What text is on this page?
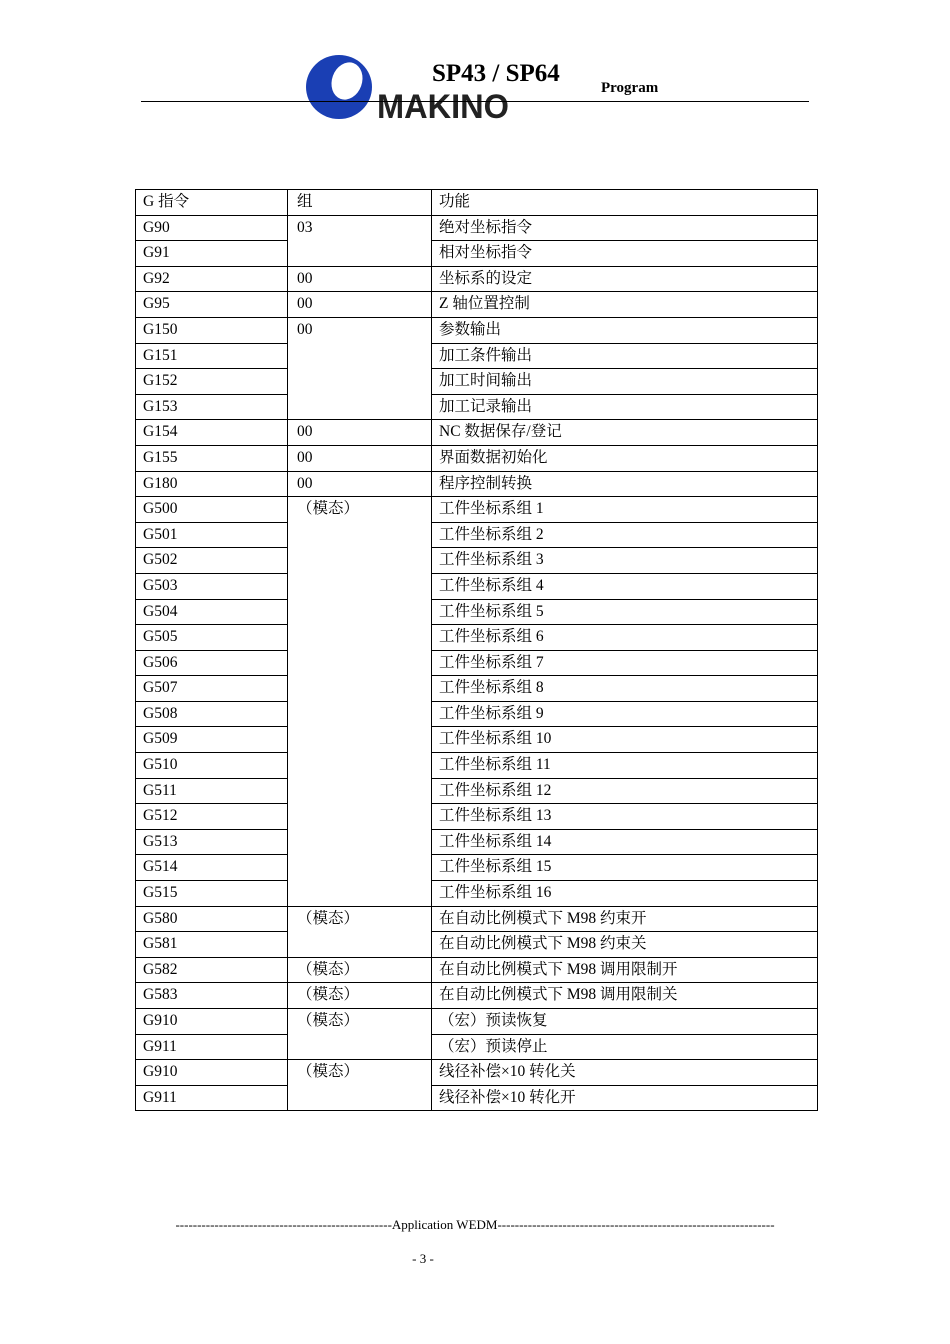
MAKINO
SP43 / SP64
Program
G 指令	组	功能
G90	03	绝对坐标指令
G91		相对坐标指令
G92	00	坐标系的设定
G95	00	Z 轴位置控制
G150	00	参数输出
G151		加工条件输出
G152		加工时间输出
G153		加工记录输出
G154	00	NC 数据保存/登记
G155	00	界面数据初始化
G180	00	程序控制转换
G500	（模态）	工件坐标系组 1
G501		工件坐标系组 2
G502		工件坐标系组 3
G503		工件坐标系组 4
G504		工件坐标系组 5
G505		工件坐标系组 6
G506		工件坐标系组 7
G507		工件坐标系组 8
G508		工件坐标系组 9
G509		工件坐标系组 10
G510		工件坐标系组 11
G511		工件坐标系组 12
G512		工件坐标系组 13
G513		工件坐标系组 14
G514		工件坐标系组 15
G515		工件坐标系组 16
G580	（模态）	在自动比例模式下 M98 约束开
G581		在自动比例模式下 M98 约束关
G582	（模态）	在自动比例模式下 M98 调用限制开
G583	（模态）	在自动比例模式下 M98 调用限制关
G910	（模态）	（宏）预读恢复
G911		（宏）预读停止
G910	（模态）	线径补偿×10 转化关
G911		线径补偿×10 转化开
--------------------------------------------------Application WEDM----------------------------------------------------------------
- 3 -
